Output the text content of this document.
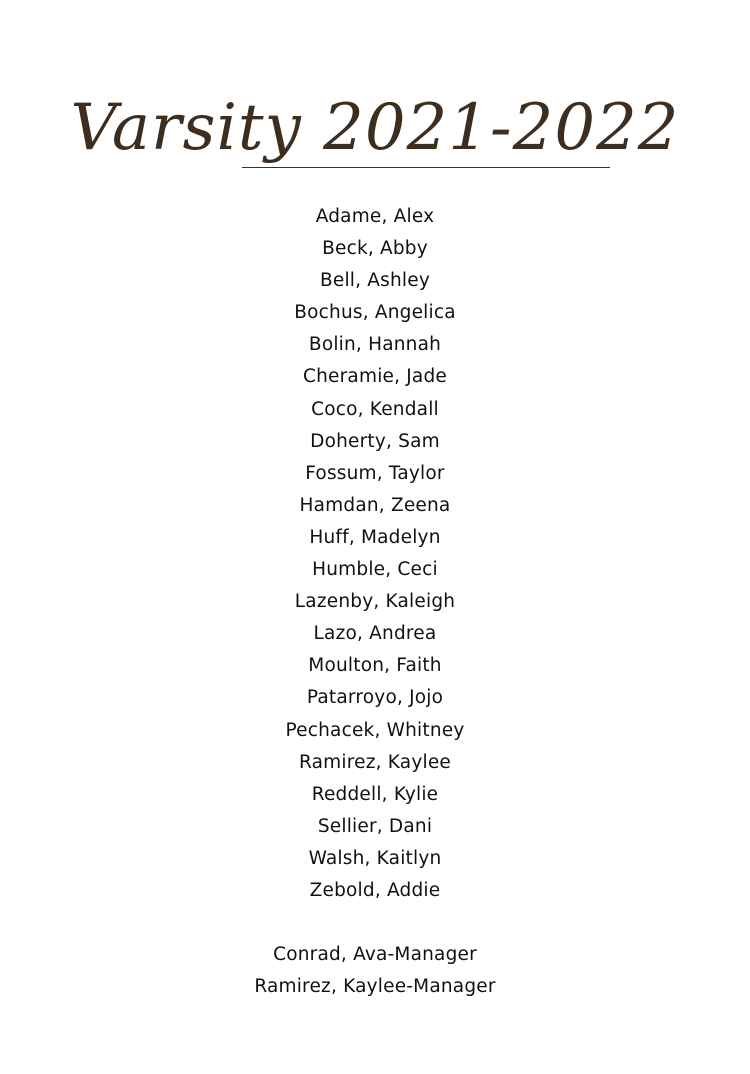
Varsity 2021-2022
Adame, Alex
Beck, Abby
Bell, Ashley
Bochus, Angelica
Bolin, Hannah
Cheramie, Jade
Coco, Kendall
Doherty, Sam
Fossum, Taylor
Hamdan, Zeena
Huff, Madelyn
Humble, Ceci
Lazenby, Kaleigh
Lazo, Andrea
Moulton, Faith
Patarroyo, Jojo
Pechacek, Whitney
Ramirez, Kaylee
Reddell, Kylie
Sellier, Dani
Walsh, Kaitlyn
Zebold, Addie
Conrad, Ava-Manager
Ramirez, Kaylee-Manager
